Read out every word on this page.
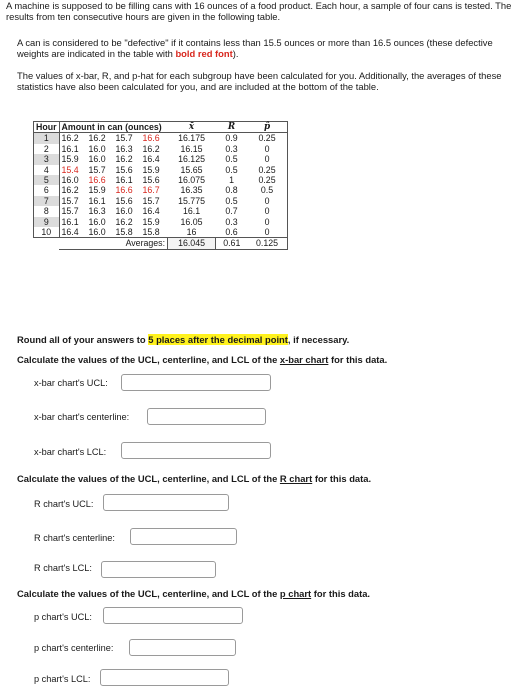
A machine is supposed to be filling cans with 16 ounces of a food product. Each hour, a sample of four cans is tested. The results from ten consecutive hours are given in the following table.

A can is considered to be "defective" if it contains less than 15.5 ounces or more than 16.5 ounces (these defective weights are indicated in the table with bold red font).

The values of x-bar, R, and p-hat for each subgroup have been calculated for you. Additionally, the averages of these statistics have also been calculated for you, and are included at the bottom of the table.

Hour	Amount in can (ounces)				x̄	R	p̂
1	16.2	16.2	15.7	16.6	16.175	0.9	0.25
2	16.1	16.0	16.3	16.2	16.15	0.3	0
3	15.9	16.0	16.2	16.4	16.125	0.5	0
4	15.4	15.7	15.6	15.9	15.65	0.5	0.25
5	16.0	16.6	16.1	15.6	16.075	1	0.25
6	16.2	15.9	16.6	16.7	16.35	0.8	0.5
7	15.7	16.1	15.6	15.7	15.775	0.5	0
8	15.7	16.3	16.0	16.4	16.1	0.7	0
9	16.1	16.0	16.2	15.9	16.05	0.3	0
10	16.4	16.0	15.8	15.8	16	0.6	0
	Averages:				16.045	0.61	0.125

Round all of your answers to 5 places after the decimal point, if necessary.

Calculate the values of the UCL, centerline, and LCL of the x-bar chart for this data.

x-bar chart's UCL:
x-bar chart's centerline:
x-bar chart's LCL:

Calculate the values of the UCL, centerline, and LCL of the R chart for this data.

R chart's UCL:
R chart's centerline:
R chart's LCL:

Calculate the values of the UCL, centerline, and LCL of the p chart for this data.

p chart's UCL:
p chart's centerline:
p chart's LCL:
